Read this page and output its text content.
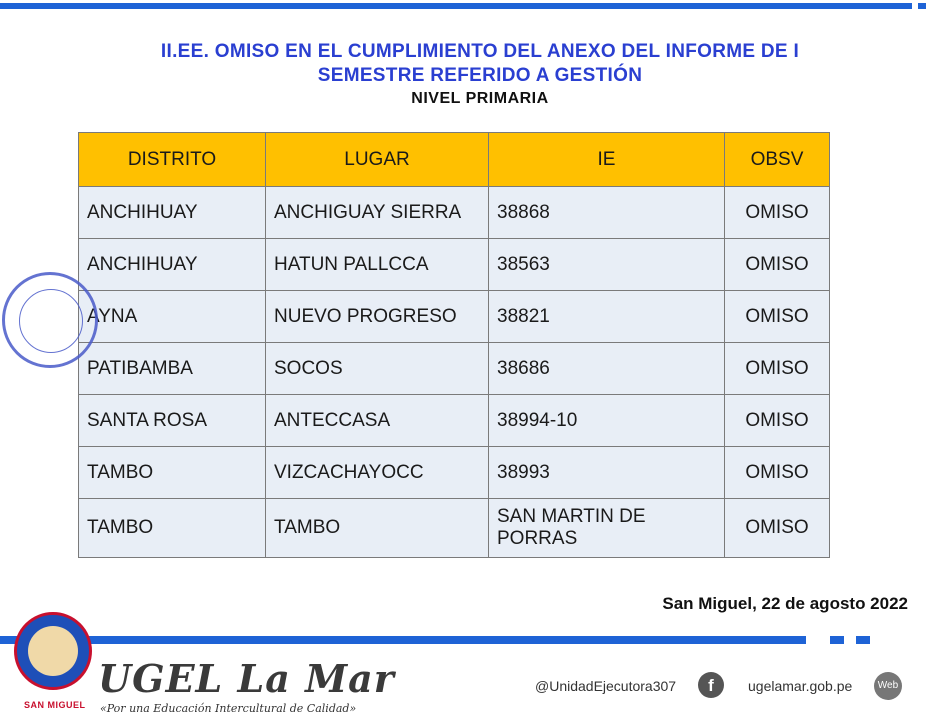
II.EE. OMISO EN EL CUMPLIMIENTO DEL ANEXO DEL INFORME DE I
SEMESTRE REFERIDO A GESTIÓN
NIVEL PRIMARIA
DISTRITO	LUGAR	IE	OBSV
ANCHIHUAY	ANCHIGUAY SIERRA	38868	OMISO
ANCHIHUAY	HATUN PALLCCA	38563	OMISO
AYNA	NUEVO PROGRESO	38821	OMISO
PATIBAMBA	SOCOS	38686	OMISO
SANTA ROSA	ANTECCASA	38994-10	OMISO
TAMBO	VIZCACHAYOCC	38993	OMISO
TAMBO	TAMBO	SAN MARTIN DE PORRAS	OMISO
San Miguel, 22 de agosto 2022
SAN MIGUEL
UGEL La Mar
«Por una Educación Intercultural de Calidad»
@UnidadEjecutora307	f	ugelamar.gob.pe	Web
